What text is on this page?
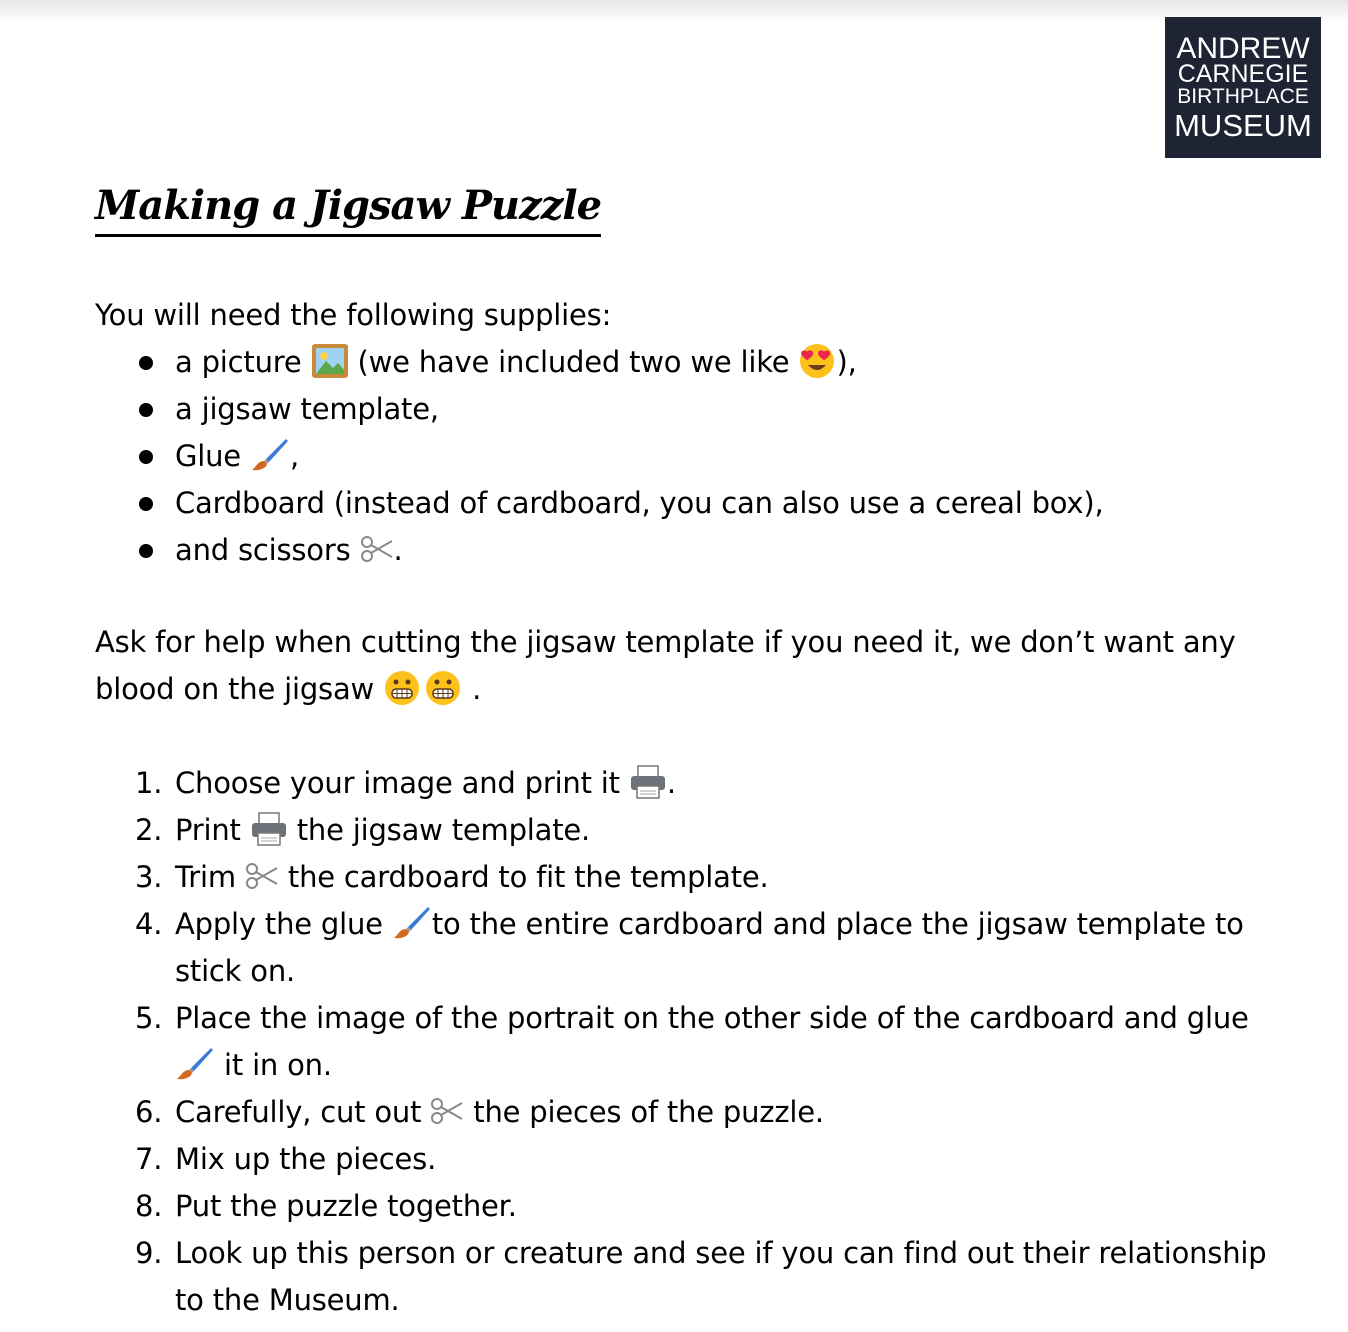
ANDREW
CARNEGIE
BIRTHPLACE
MUSEUM
Making a Jigsaw Puzzle
You will need the following supplies:
a picture  (we have included two we like ),
a jigsaw template,
Glue ,
Cardboard (instead of cardboard, you can also use a cereal box),
and scissors .
Ask for help when cutting the jigsaw template if you need it, we don’t want any blood on the jigsaw	.
1. Choose your image and print it .
2. Print  the jigsaw template.
3. Trim  the cardboard to fit the template.
4. Apply the glue to the entire cardboard and place the jigsaw template to stick on.
5. Place the image of the portrait on the other side of the cardboard and glue  it in on.
6. Carefully, cut out  the pieces of the puzzle.
7. Mix up the pieces.
8. Put the puzzle together.
9. Look up this person or creature and see if you can find out their relationship to the Museum.
